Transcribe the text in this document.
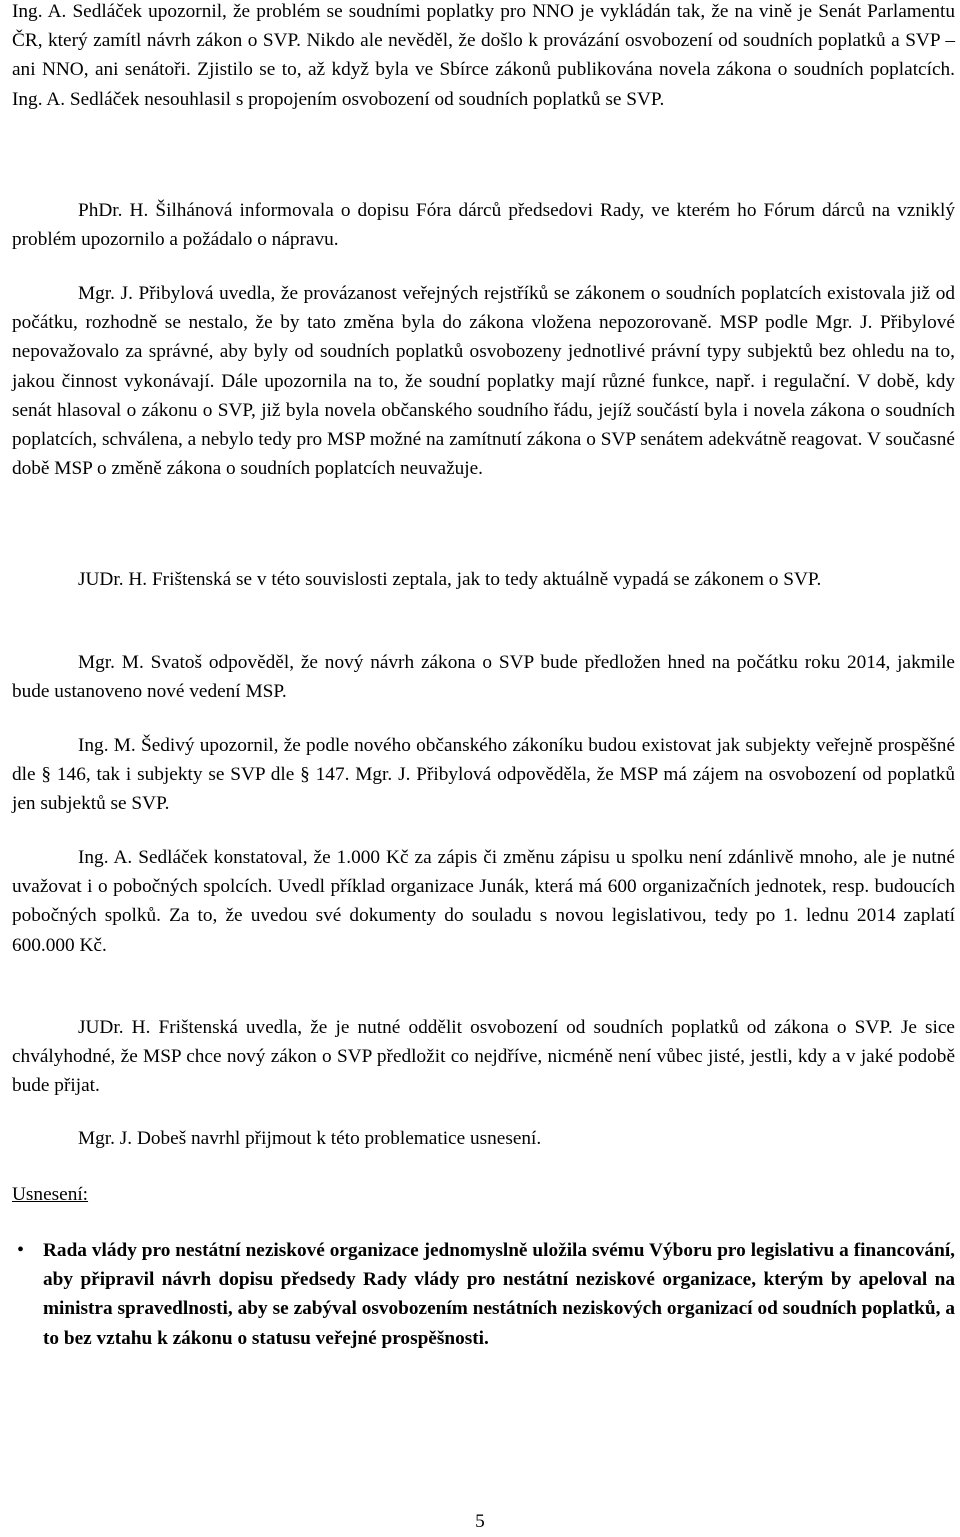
Ing. A. Sedláček upozornil, že problém se soudními poplatky pro NNO je vykládán tak, že na vině je Senát Parlamentu ČR, který zamítl návrh zákon o SVP. Nikdo ale nevěděl, že došlo k provázání osvobození od soudních poplatků a SVP – ani NNO, ani senátoři. Zjistilo se to, až když byla ve Sbírce zákonů publikována novela zákona o soudních poplatcích. Ing. A. Sedláček nesouhlasil s propojením osvobození od soudních poplatků se SVP.

PhDr. H. Šilhánová informovala o dopisu Fóra dárců předsedovi Rady, ve kterém ho Fórum dárců na vzniklý problém upozornilo a požádalo o nápravu.

Mgr. J. Přibylová uvedla, že provázanost veřejných rejstříků se zákonem o soudních poplatcích existovala již od počátku, rozhodně se nestalo, že by tato změna byla do zákona vložena nepozorovaně. MSP podle Mgr. J. Přibylové nepovažovalo za správné, aby byly od soudních poplatků osvobozeny jednotlivé právní typy subjektů bez ohledu na to, jakou činnost vykonávají. Dále upozornila na to, že soudní poplatky mají různé funkce, např. i regulační. V době, kdy senát hlasoval o zákonu o SVP, již byla novela občanského soudního řádu, jejíž součástí byla i novela zákona o soudních poplatcích, schválena, a nebylo tedy pro MSP možné na zamítnutí zákona o SVP senátem adekvátně reagovat. V současné době MSP o změně zákona o soudních poplatcích neuvažuje.

JUDr. H. Frištenská se v této souvislosti zeptala, jak to tedy aktuálně vypadá se zákonem o SVP.

Mgr. M. Svatoš odpověděl, že nový návrh zákona o SVP bude předložen hned na počátku roku 2014, jakmile bude ustanoveno nové vedení MSP.

Ing. M. Šedivý upozornil, že podle nového občanského zákoníku budou existovat jak subjekty veřejně prospěšné dle § 146, tak i subjekty se SVP dle § 147. Mgr. J. Přibylová odpověděla, že MSP má zájem na osvobození od poplatků jen subjektů se SVP.

Ing. A. Sedláček konstatoval, že 1.000 Kč za zápis či změnu zápisu u spolku není zdánlivě mnoho, ale je nutné uvažovat i o pobočných spolcích. Uvedl příklad organizace Junák, která má 600 organizačních jednotek, resp. budoucích pobočných spolků. Za to, že uvedou své dokumenty do souladu s novou legislativou, tedy po 1. lednu 2014 zaplatí 600.000 Kč.

JUDr. H. Frištenská uvedla, že je nutné oddělit osvobození od soudních poplatků od zákona o SVP. Je sice chvályhodné, že MSP chce nový zákon o SVP předložit co nejdříve, nicméně není vůbec jisté, jestli, kdy a v jaké podobě bude přijat.

Mgr. J. Dobeš navrhl přijmout k této problematice usnesení.

Usnesení:
• Rada vlády pro nestátní neziskové organizace jednomyslně uložila svému Výboru pro legislativu a financování, aby připravil návrh dopisu předsedy Rady vlády pro nestátní neziskové organizace, kterým by apeloval na ministra spravedlnosti, aby se zabýval osvobozením nestátních neziskových organizací od soudních poplatků, a to bez vztahu k zákonu o statusu veřejné prospěšnosti.
5
